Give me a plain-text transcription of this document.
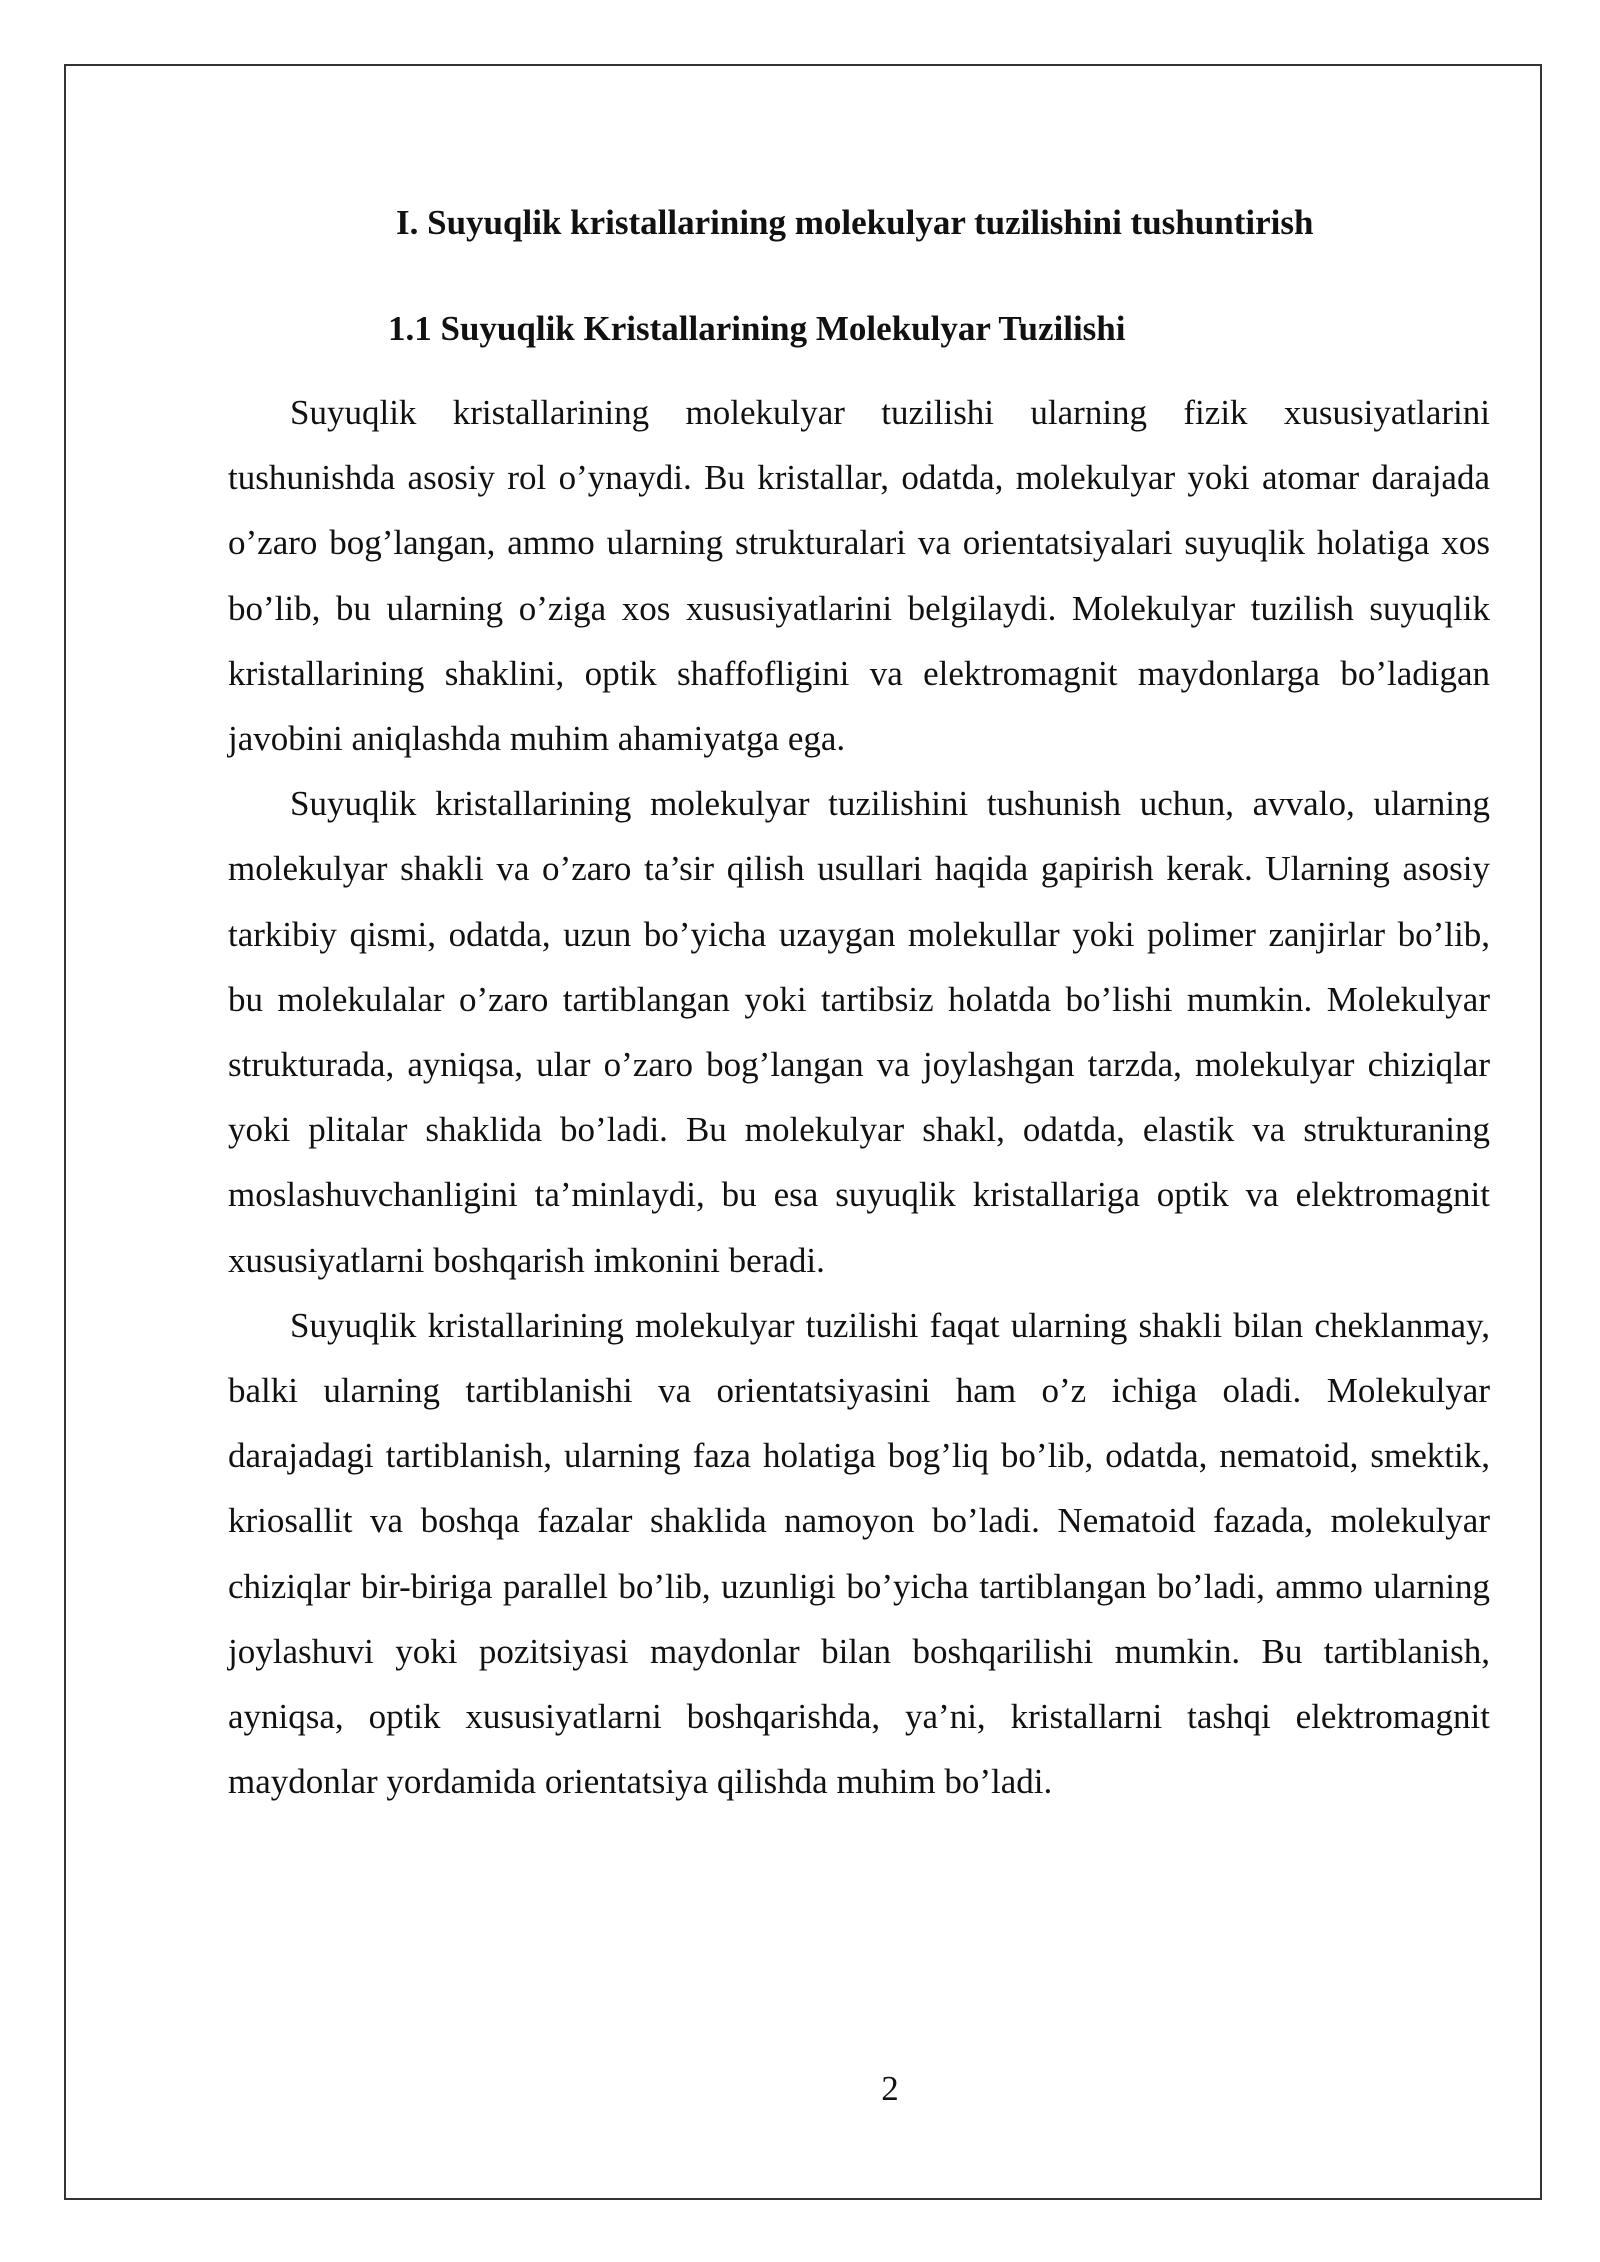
I. Suyuqlik kristallarining molekulyar tuzilishini tushuntirish
1.1 Suyuqlik Kristallarining Molekulyar Tuzilishi

Suyuqlik kristallarining molekulyar tuzilishi ularning fizik xususiyatlarini tushunishda asosiy rol o’ynaydi. Bu kristallar, odatda, molekulyar yoki atomar darajada o’zaro bog’langan, ammo ularning strukturalari va orientatsiyalari suyuqlik holatiga xos bo’lib, bu ularning o’ziga xos xususiyatlarini belgilaydi. Molekulyar tuzilish suyuqlik kristallarining shaklini, optik shaffofligini va elektromagnit maydonlarga bo’ladigan javobini aniqlashda muhim ahamiyatga ega.

Suyuqlik kristallarining molekulyar tuzilishini tushunish uchun, avvalo, ularning molekulyar shakli va o’zaro ta’sir qilish usullari haqida gapirish kerak. Ularning asosiy tarkibiy qismi, odatda, uzun bo’yicha uzaygan molekullar yoki polimer zanjirlar bo’lib, bu molekulalar o’zaro tartiblangan yoki tartibsiz holatda bo’lishi mumkin. Molekulyar strukturada, ayniqsa, ular o’zaro bog’langan va joylashgan tarzda, molekulyar chiziqlar yoki plitalar shaklida bo’ladi. Bu molekulyar shakl, odatda, elastik va strukturaning moslashuvchanligini ta’minlaydi, bu esa suyuqlik kristallariga optik va elektromagnit xususiyatlarni boshqarish imkonini beradi.

Suyuqlik kristallarining molekulyar tuzilishi faqat ularning shakli bilan cheklanmay, balki ularning tartiblanishi va orientatsiyasini ham o’z ichiga oladi. Molekulyar darajadagi tartiblanish, ularning faza holatiga bog’liq bo’lib, odatda, nematoid, smektik, kriosallit va boshqa fazalar shaklida namoyon bo’ladi. Nematoid fazada, molekulyar chiziqlar bir-biriga parallel bo’lib, uzunligi bo’yicha tartiblangan bo’ladi, ammo ularning joylashuvi yoki pozitsiyasi maydonlar bilan boshqarilishi mumkin. Bu tartiblanish, ayniqsa, optik xususiyatlarni boshqarishda, ya’ni, kristallarni tashqi elektromagnit maydonlar yordamida orientatsiya qilishda muhim bo’ladi.

2
